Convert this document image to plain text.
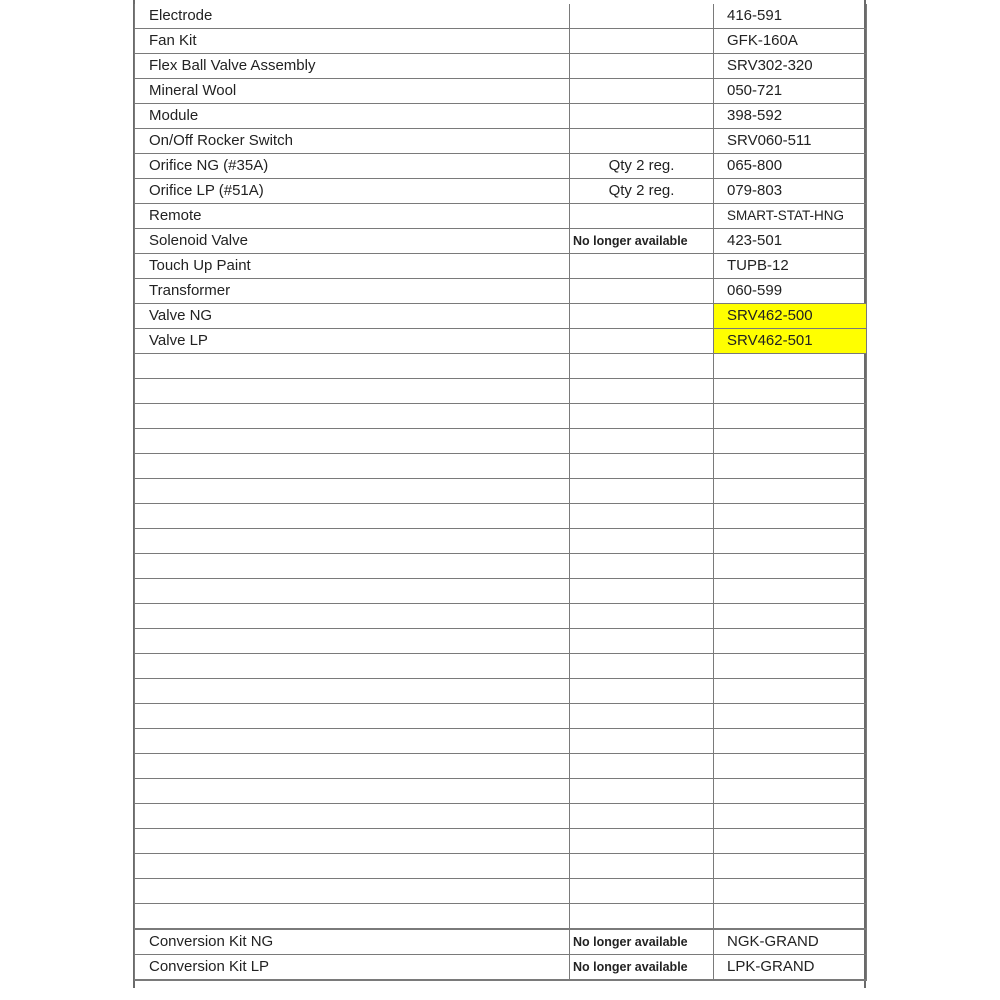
Electrode		416-591
Fan Kit		GFK-160A
Flex Ball Valve Assembly		SRV302-320
Mineral Wool		050-721
Module		398-592
On/Off Rocker Switch		SRV060-511
Orifice NG (#35A)	Qty 2 reg.	065-800
Orifice LP (#51A)	Qty 2 reg.	079-803
Remote		SMART-STAT-HNG
Solenoid Valve	No longer available	423-501
Touch Up Paint		TUPB-12
Transformer		060-599
Valve NG		SRV462-500
Valve LP		SRV462-501

Conversion Kit NG	No longer available	NGK-GRAND
Conversion Kit LP	No longer available	LPK-GRAND
